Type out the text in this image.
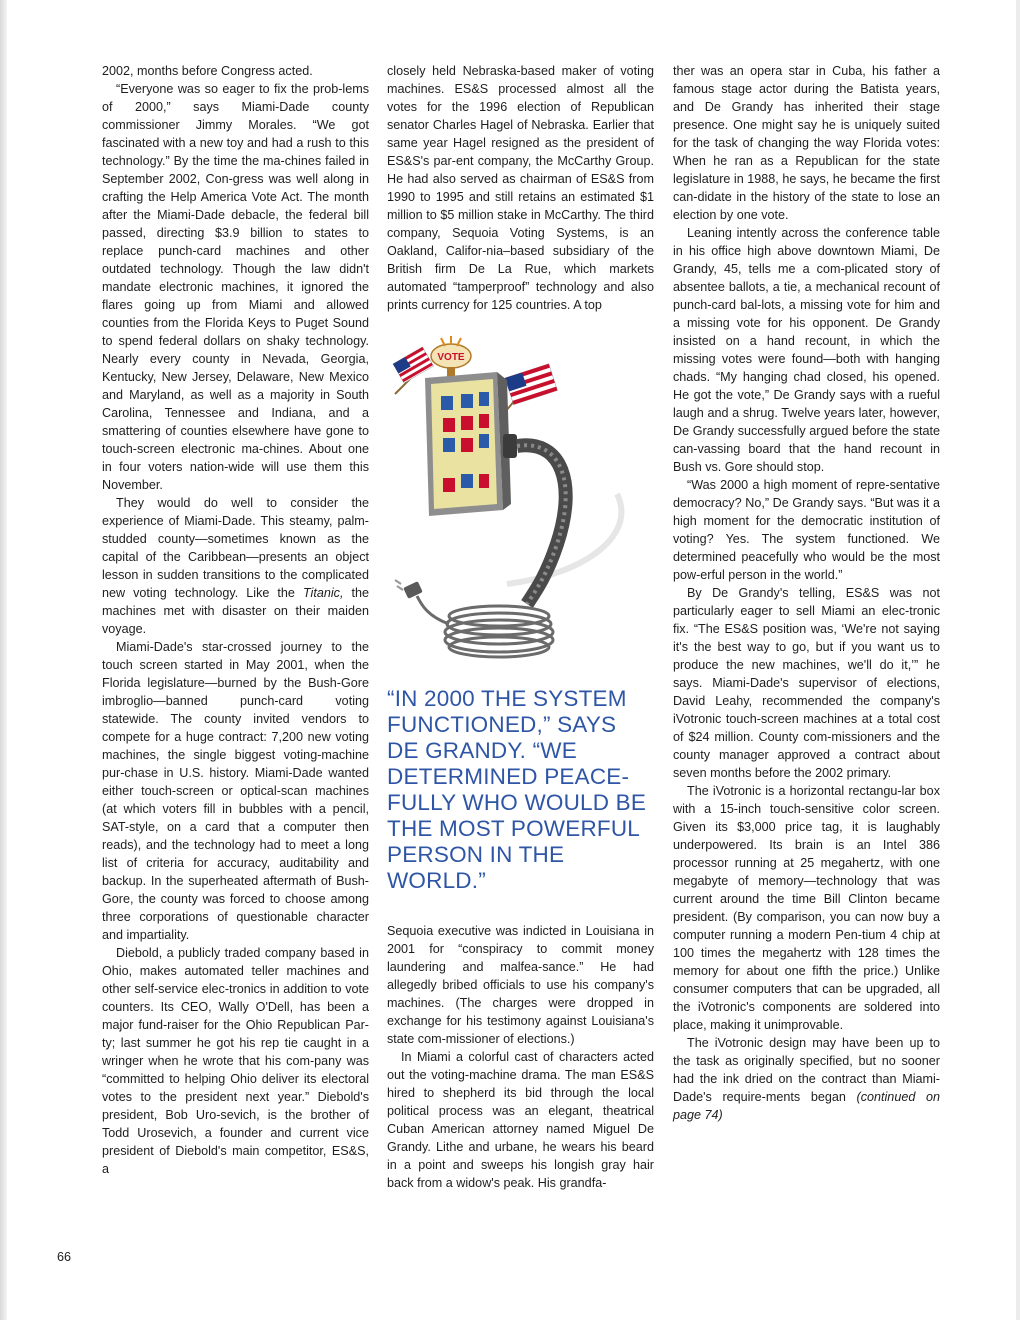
2002, months before Congress acted.

“Everyone was so eager to fix the prob-lems of 2000,” says Miami-Dade county commissioner Jimmy Morales. “We got fascinated with a new toy and had a rush to this technology.” By the time the ma-chines failed in September 2002, Con-gress was well along in crafting the Help America Vote Act. The month after the Miami-Dade debacle, the federal bill passed, directing $3.9 billion to states to replace punch-card machines and other outdated technology. Though the law didn't mandate electronic machines, it ignored the flares going up from Miami and allowed counties from the Florida Keys to Puget Sound to spend federal dollars on shaky technology. Nearly every county in Nevada, Georgia, Kentucky, New Jersey, Delaware, New Mexico and Maryland, as well as a majority in South Carolina, Tennessee and Indiana, and a smattering of counties elsewhere have gone to touch-screen electronic ma-chines. About one in four voters nation-wide will use them this November.

They would do well to consider the experience of Miami-Dade. This steamy, palm-studded county—sometimes known as the capital of the Caribbean—presents an object lesson in sudden transitions to the complicated new voting technology. Like the Titanic, the machines met with disaster on their maiden voyage.

Miami-Dade's star-crossed journey to the touch screen started in May 2001, when the Florida legislature—burned by the Bush-Gore imbroglio—banned punch-card voting statewide. The county invited vendors to compete for a huge contract: 7,200 new voting machines, the single biggest voting-machine pur-chase in U.S. history. Miami-Dade wanted either touch-screen or optical-scan machines (at which voters fill in bubbles with a pencil, SAT-style, on a card that a computer then reads), and the technology had to meet a long list of criteria for accuracy, auditability and backup. In the superheated aftermath of Bush-Gore, the county was forced to choose among three corporations of questionable character and impartiality.

Diebold, a publicly traded company based in Ohio, makes automated teller machines and other self-service elec-tronics in addition to vote counters. Its CEO, Wally O'Dell, has been a major fund-raiser for the Ohio Republican Par-ty; last summer he got his rep tie caught in a wringer when he wrote that his com-pany was “committed to helping Ohio deliver its electoral votes to the president next year.” Diebold's president, Bob Uro-sevich, is the brother of Todd Urosevich, a founder and current vice president of Diebold's main competitor, ES&S, a

closely held Nebraska-based maker of voting machines. ES&S processed almost all the votes for the 1996 election of Republican senator Charles Hagel of Nebraska. Earlier that same year Hagel resigned as the president of ES&S's par-ent company, the McCarthy Group. He had also served as chairman of ES&S from 1990 to 1995 and still retains an estimated $1 million to $5 million stake in McCarthy. The third company, Sequoia Voting Systems, is an Oakland, Califor-nia–based subsidiary of the British firm De La Rue, which markets automated “tamperproof” technology and also prints currency for 125 countries. A top

VOTE
“IN 2000 THE SYSTEM FUNCTIONED,” SAYS DE GRANDY. “WE DETERMINED PEACE-FULLY WHO WOULD BE THE MOST POWERFUL PERSON IN THE WORLD.”

Sequoia executive was indicted in Louisiana in 2001 for “conspiracy to commit money laundering and malfea-sance.” He had allegedly bribed officials to use his company's machines. (The charges were dropped in exchange for his testimony against Louisiana's state com-missioner of elections.)

In Miami a colorful cast of characters acted out the voting-machine drama. The man ES&S hired to shepherd its bid through the local political process was an elegant, theatrical Cuban American attorney named Miguel De Grandy. Lithe and urbane, he wears his beard in a point and sweeps his longish gray hair back from a widow's peak. His grandfa-

ther was an opera star in Cuba, his father a famous stage actor during the Batista years, and De Grandy has inherited their stage presence. One might say he is uniquely suited for the task of changing the way Florida votes: When he ran as a Republican for the state legislature in 1988, he says, he became the first can-didate in the history of the state to lose an election by one vote.

Leaning intently across the conference table in his office high above downtown Miami, De Grandy, 45, tells me a com-plicated story of absentee ballots, a tie, a mechanical recount of punch-card bal-lots, a missing vote for him and a missing vote for his opponent. De Grandy insisted on a hand recount, in which the missing votes were found—both with hanging chads. “My hanging chad closed, his opened. He got the vote,” De Grandy says with a rueful laugh and a shrug. Twelve years later, however, De Grandy successfully argued before the state can-vassing board that the hand recount in Bush vs. Gore should stop.

“Was 2000 a high moment of repre-sentative democracy? No,” De Grandy says. “But was it a high moment for the democratic institution of voting? Yes. The system functioned. We determined peacefully who would be the most pow-erful person in the world.”

By De Grandy's telling, ES&S was not particularly eager to sell Miami an elec-tronic fix. “The ES&S position was, ‘We're not saying it's the best way to go, but if you want us to produce the new machines, we'll do it,’” he says. Miami-Dade's supervisor of elections, David Leahy, recommended the company's iVotronic touch-screen machines at a total cost of $24 million. County com-missioners and the county manager approved a contract about seven months before the 2002 primary.

The iVotronic is a horizontal rectangu-lar box with a 15-inch touch-sensitive color screen. Given its $3,000 price tag, it is laughably underpowered. Its brain is an Intel 386 processor running at 25 megahertz, with one megabyte of memory—technology that was current around the time Bill Clinton became president. (By comparison, you can now buy a computer running a modern Pen-tium 4 chip at 100 times the megahertz with 128 times the memory for about one fifth the price.) Unlike consumer computers that can be upgraded, all the iVotronic's components are soldered into place, making it unimprovable.

The iVotronic design may have been up to the task as originally specified, but no sooner had the ink dried on the contract than Miami-Dade's require-ments began (continued on page 74)

66
